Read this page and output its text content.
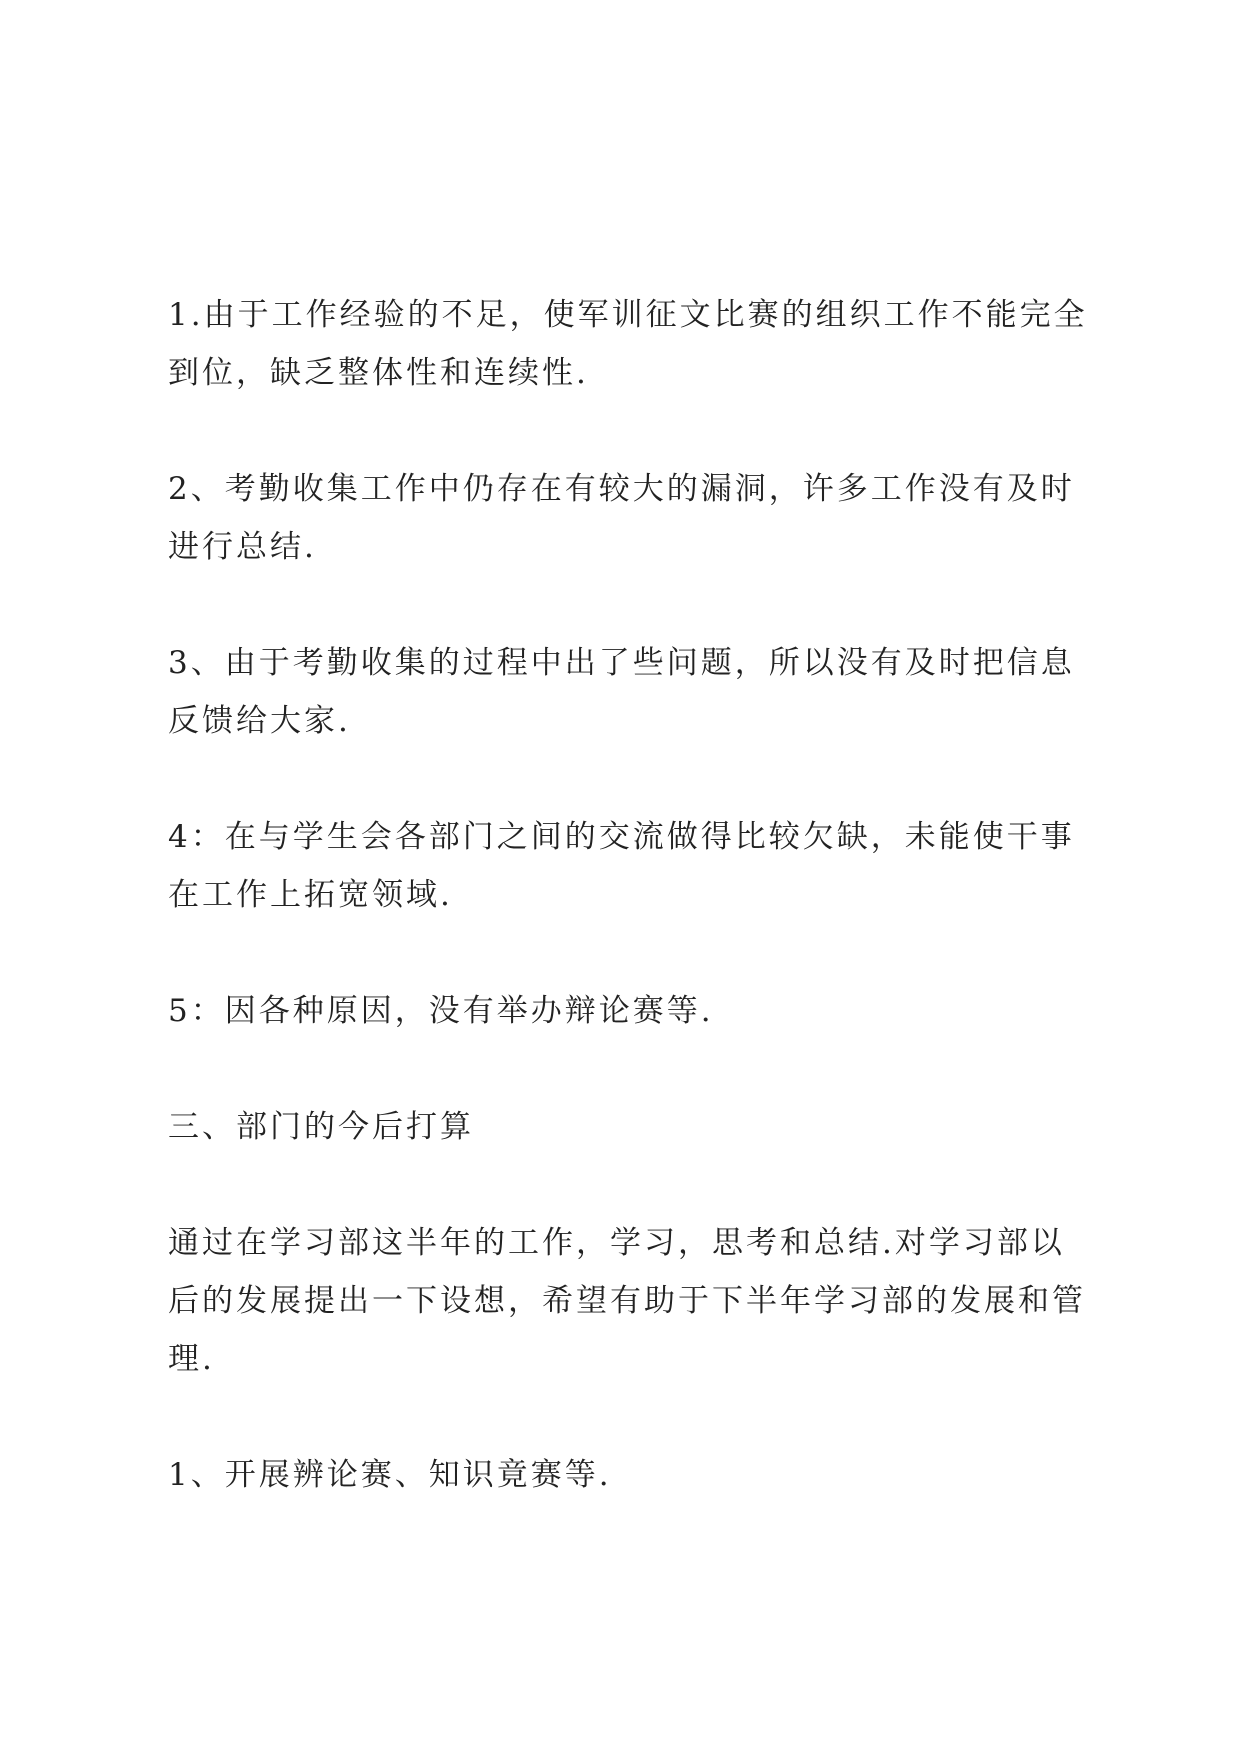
1.由于工作经验的不足，使军训征文比赛的组织工作不能完全到位，缺乏整体性和连续性.

2、考勤收集工作中仍存在有较大的漏洞，许多工作没有及时进行总结.

3、由于考勤收集的过程中出了些问题，所以没有及时把信息反馈给大家.

4：在与学生会各部门之间的交流做得比较欠缺，未能使干事在工作上拓宽领域.

5：因各种原因，没有举办辩论赛等.

三、部门的今后打算

通过在学习部这半年的工作，学习，思考和总结.对学习部以后的发展提出一下设想，希望有助于下半年学习部的发展和管理.

1、开展辨论赛、知识竟赛等.
